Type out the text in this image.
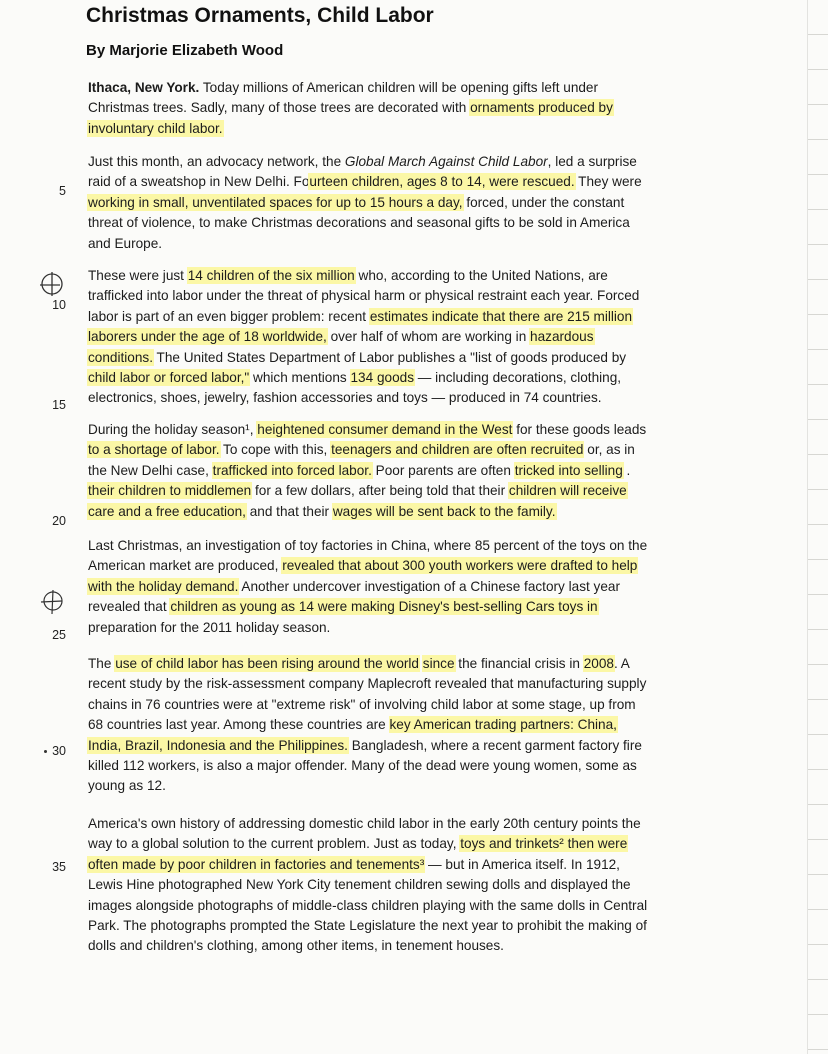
Christmas Ornaments, Child Labor

By Marjorie Elizabeth Wood

Ithaca, New York. Today millions of American children will be opening gifts left under
Christmas trees. Sadly, many of those trees are decorated with ornaments produced by
involuntary child labor.
Just this month, an advocacy network, the Global March Against Child Labor, led a surprise
raid of a sweatshop in New Delhi. Fourteen children, ages 8 to 14, were rescued. They were
working in small, unventilated spaces for up to 15 hours a day, forced, under the constant
threat of violence, to make Christmas decorations and seasonal gifts to be sold in America
and Europe.
These were just 14 children of the six million who, according to the United Nations, are
trafficked into labor under the threat of physical harm or physical restraint each year. Forced
labor is part of an even bigger problem: recent estimates indicate that there are 215 million
laborers under the age of 18 worldwide, over half of whom are working in hazardous
conditions. The United States Department of Labor publishes a "list of goods produced by
child labor or forced labor," which mentions 134 goods — including decorations, clothing,
electronics, shoes, jewelry, fashion accessories and toys — produced in 74 countries.
During the holiday season¹, heightened consumer demand in the West for these goods leads
to a shortage of labor. To cope with this, teenagers and children are often recruited or, as in
the New Delhi case, trafficked into forced labor. Poor parents are often tricked into selling .
their children to middlemen for a few dollars, after being told that their children will receive
care and a free education, and that their wages will be sent back to the family.
Last Christmas, an investigation of toy factories in China, where 85 percent of the toys on the
American market are produced, revealed that about 300 youth workers were drafted to help
with the holiday demand. Another undercover investigation of a Chinese factory last year
revealed that children as young as 14 were making Disney's best-selling Cars toys in
preparation for the 2011 holiday season.
The use of child labor has been rising around the world since the financial crisis in 2008. A
recent study by the risk-assessment company Maplecroft revealed that manufacturing supply
chains in 76 countries were at "extreme risk" of involving child labor at some stage, up from
68 countries last year. Among these countries are key American trading partners: China,
India, Brazil, Indonesia and the Philippines. Bangladesh, where a recent garment factory fire
killed 112 workers, is also a major offender. Many of the dead were young women, some as
young as 12.
America's own history of addressing domestic child labor in the early 20th century points the
way to a global solution to the current problem. Just as today, toys and trinkets² then were
often made by poor children in factories and tenements³ — but in America itself. In 1912,
Lewis Hine photographed New York City tenement children sewing dolls and displayed the
images alongside photographs of middle-class children playing with the same dolls in Central
Park. The photographs prompted the State Legislature the next year to prohibit the making of
dolls and children's clothing, among other items, in tenement houses.
5
10
15
20
25
30
35
